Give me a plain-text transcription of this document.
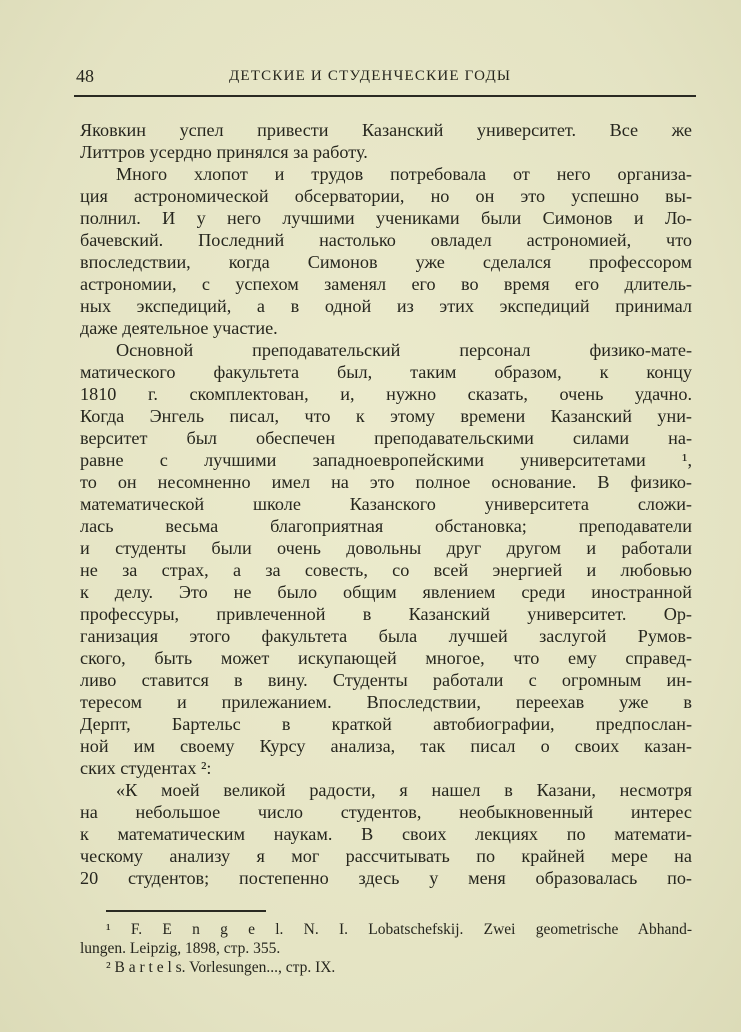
48	ДЕТСКИЕ И СТУДЕНЧЕСКИЕ ГОДЫ
Яковкин успел привести Казанский университет. Все же
Литтров усердно принялся за работу.
Много хлопот и трудов потребовала от него организа-
ция астрономической обсерватории, но он это успешно вы-
полнил. И у него лучшими учениками были Симонов и Ло-
бачевский. Последний настолько овладел астрономией, что
впоследствии, когда Симонов уже сделался профессором
астрономии, с успехом заменял его во время его длитель-
ных экспедиций, а в одной из этих экспедиций принимал
даже деятельное участие.
Основной преподавательский персонал физико-мате-
матического факультета был, таким образом, к концу
1810 г. скомплектован, и, нужно сказать, очень удачно.
Когда Энгель писал, что к этому времени Казанский уни-
верситет был обеспечен преподавательскими силами на-
равне с лучшими западноевропейскими университетами ¹,
то он несомненно имел на это полное основание. В физико-
математической школе Казанского университета сложи-
лась весьма благоприятная обстановка; преподаватели
и студенты были очень довольны друг другом и работали
не за страх, а за совесть, со всей энергией и любовью
к делу. Это не было общим явлением среди иностранной
профессуры, привлеченной в Казанский университет. Ор-
ганизация этого факультета была лучшей заслугой Румов-
ского, быть может искупающей многое, что ему справед-
ливо ставится в вину. Студенты работали с огромным ин-
тересом и прилежанием. Впоследствии, переехав уже в
Дерпт, Бартельс в краткой автобиографии, предпослан-
ной им своему Курсу анализа, так писал о своих казан-
ских студентах ²:
«К моей великой радости, я нашел в Казани, несмотря
на небольшое число студентов, необыкновенный интерес
к математическим наукам. В своих лекциях по математи-
ческому анализу я мог рассчитывать по крайней мере на
20 студентов; постепенно здесь у меня образовалась по-
¹ F. E n g e l. N. I. Lobatschefskij. Zwei geometrische Abhand-
lungen. Leipzig, 1898, стр. 355.
² B a r t e l s. Vorlesungen..., стр. IX.
